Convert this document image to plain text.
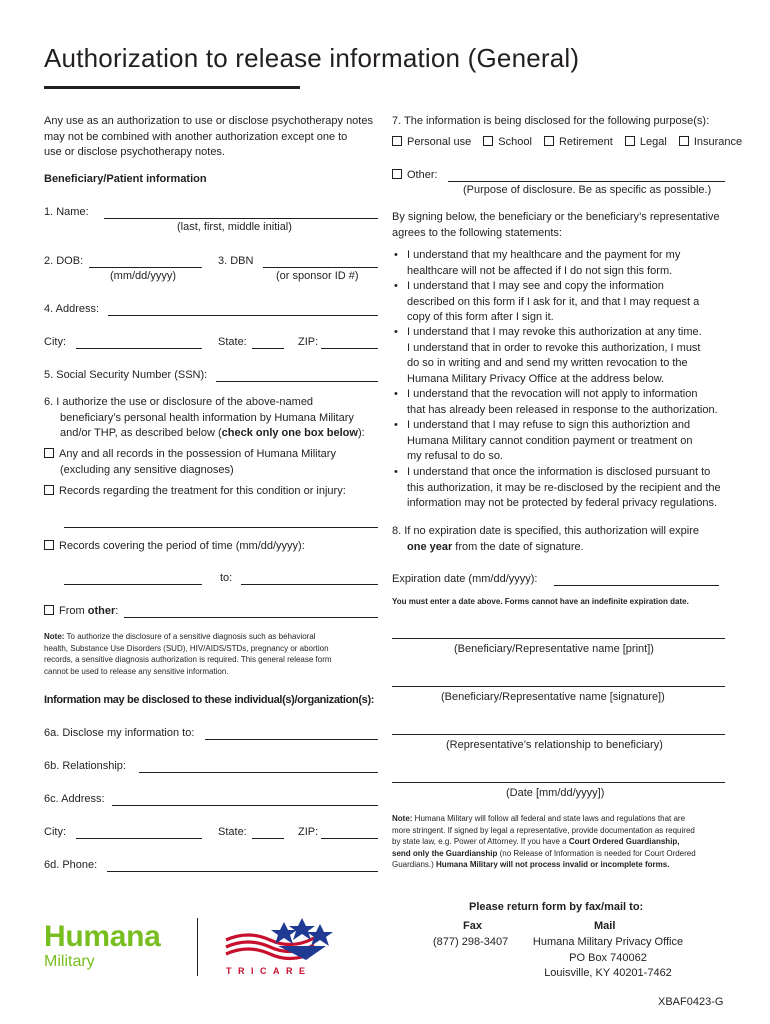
Authorization to release information (General)
Any use as an authorization to use or disclose psychotherapy notes
may not be combined with another authorization except one to
use or disclose psychotherapy notes.
Beneficiary/Patient information
1. Name:
(last, first, middle initial)
2. DOB:
(mm/dd/yyyy)
3. DBN
(or sponsor ID #)
4. Address:
City:	State:	ZIP:
5. Social Security Number (SSN):
6. I authorize the use or disclosure of the above-named
beneficiary’s personal health information by Humana Military
and/or THP, as described below (check only one box below):
Any and all records in the possession of Humana Military
(excluding any sensitive diagnoses)
Records regarding the treatment for this condition or injury:
Records covering the period of time (mm/dd/yyyy):
to:
From other:
Note: To authorize the disclosure of a sensitive diagnosis such as behavioral
health, Substance Use Disorders (SUD), HIV/AIDS/STDs, pregnancy or abortion
records, a sensitive diagnosis authorization is required. This general release form
cannot be used to release any sensitive information.
Information may be disclosed to these individual(s)/organization(s):
6a. Disclose my information to:
6b. Relationship:
6c. Address:
City:	State:	ZIP:
6d. Phone:
7. The information is being disclosed for the following purpose(s):
Personal use School Retirement Legal Insurance
Other:
(Purpose of disclosure. Be as specific as possible.)
By signing below, the beneficiary or the beneficiary’s representative
agrees to the following statements:
• I understand that my healthcare and the payment for my
healthcare will not be affected if I do not sign this form.
• I understand that I may see and copy the information
described on this form if I ask for it, and that I may request a
copy of this form after I sign it.
• I understand that I may revoke this authorization at any time.
I understand that in order to revoke this authorization, I must
do so in writing and and send my written revocation to the
Humana Military Privacy Office at the address below.
• I understand that the revocation will not apply to information
that has already been released in response to the authorization.
• I understand that I may refuse to sign this authoriztion and
Humana Military cannot condition payment or treatment on
my refusal to do so.
• I understand that once the information is disclosed pursuant to
this authorization, it may be re-disclosed by the recipient and the
information may not be protected by federal privacy regulations.
8. If no expiration date is specified, this authorization will expire
one year from the date of signature.
Expiration date (mm/dd/yyyy):
You must enter a date above. Forms cannot have an indefinite expiration date.
(Beneficiary/Representative name [print])
(Beneficiary/Representative name [signature])
(Representative’s relationship to beneficiary)
(Date [mm/dd/yyyy])
Note: Humana Military will follow all federal and state laws and regulations that are
more stringent. If signed by legal a representative, provide documentation as required
by state law, e.g. Power of Attorney. If you have a Court Ordered Guardianship,
send only the Guardianship (no Release of Information is needed for Court Ordered
Guardians.) Humana Military will not process invalid or incomplete forms.
Humana
Military
TRICARE
Please return form by fax/mail to:
Fax
(877) 298-3407
Mail
Humana Military Privacy Office
PO Box 740062
Louisville, KY 40201-7462
XBAF0423-G
